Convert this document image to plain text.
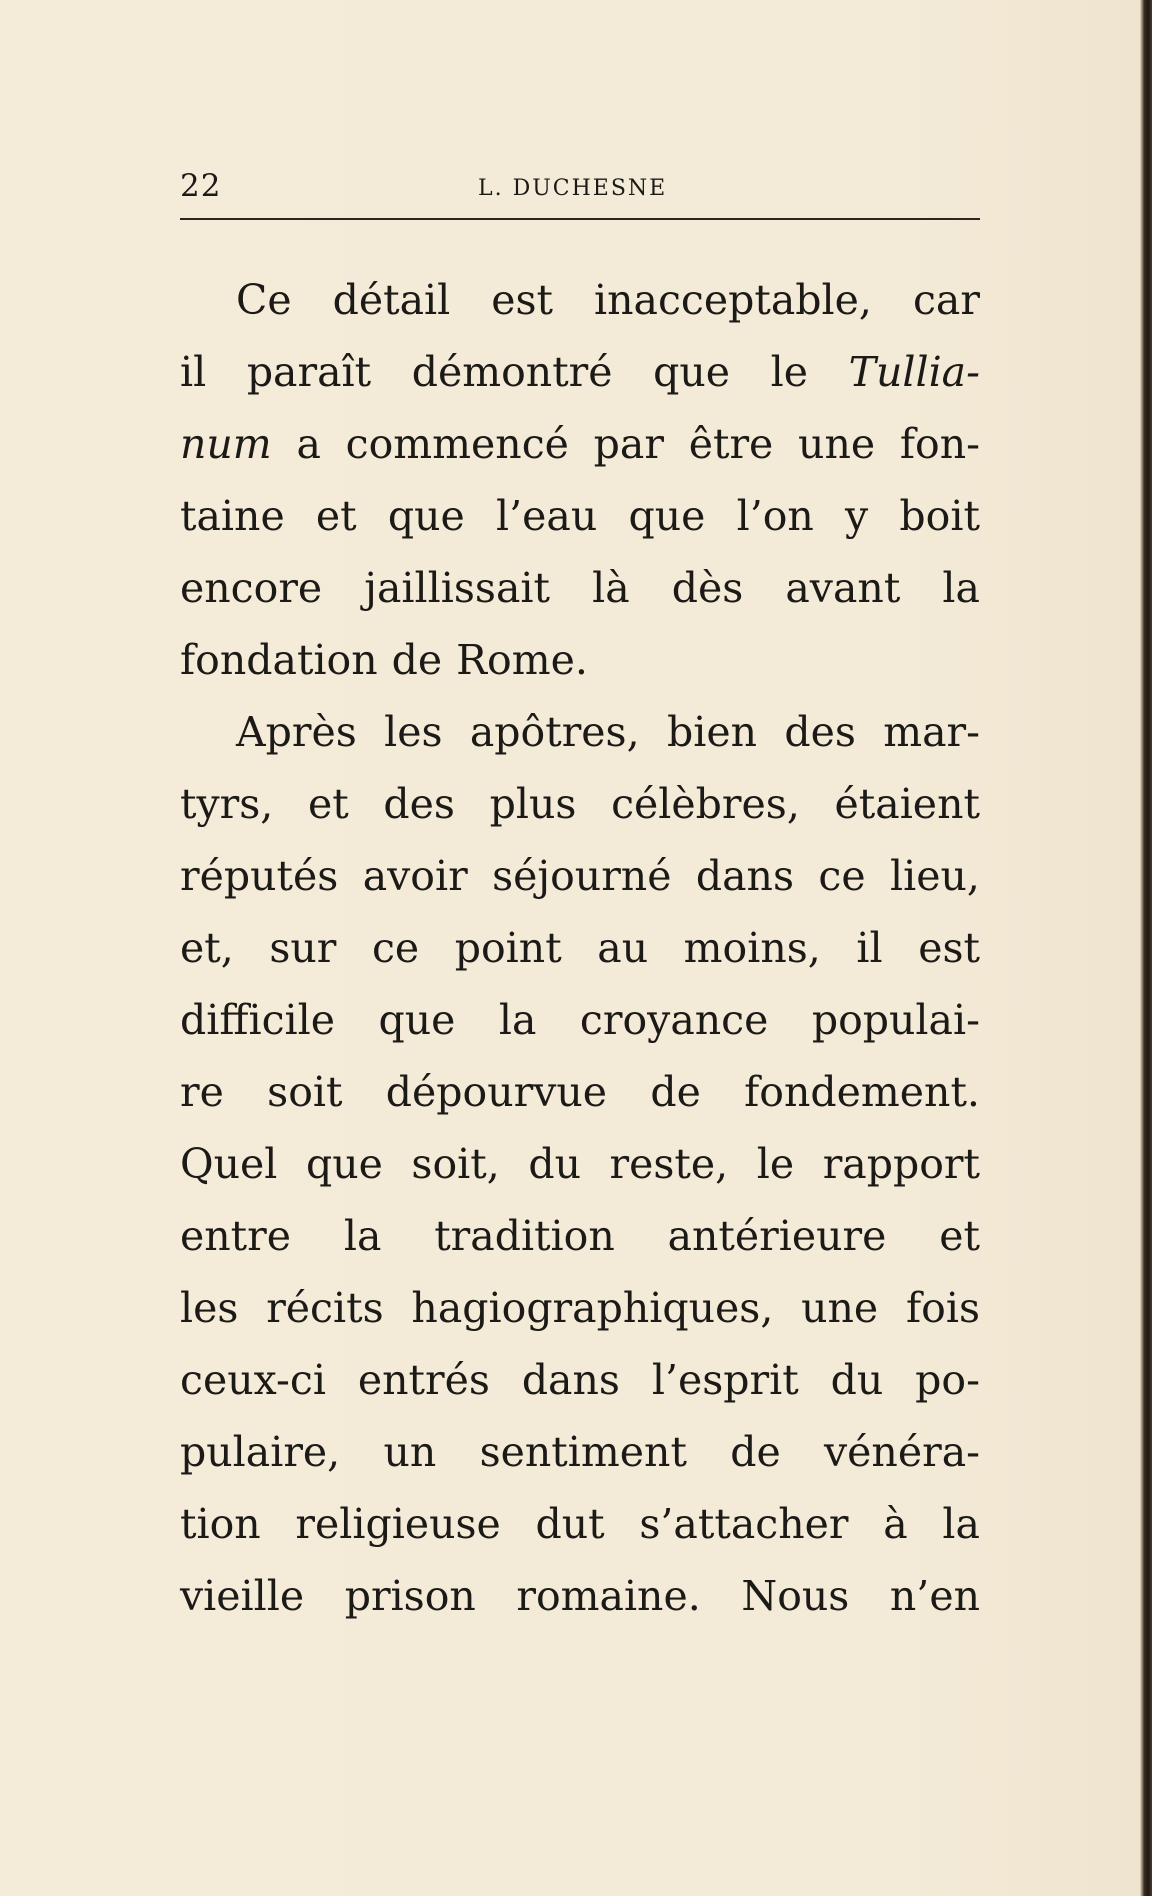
22	L. DUCHESNE
Ce détail est inacceptable, car
il paraît démontré que le Tullia-
num a commencé par être une fon-
taine et que l’eau que l’on y boit
encore jaillissait là dès avant la
fondation de Rome.
Après les apôtres, bien des mar-
tyrs, et des plus célèbres, étaient
réputés avoir séjourné dans ce lieu,
et, sur ce point au moins, il est
difficile que la croyance populai-
re soit dépourvue de fondement.
Quel que soit, du reste, le rapport
entre la tradition antérieure et
les récits hagiographiques, une fois
ceux-ci entrés dans l’esprit du po-
pulaire, un sentiment de vénéra-
tion religieuse dut s’attacher à la
vieille prison romaine. Nous n’en
